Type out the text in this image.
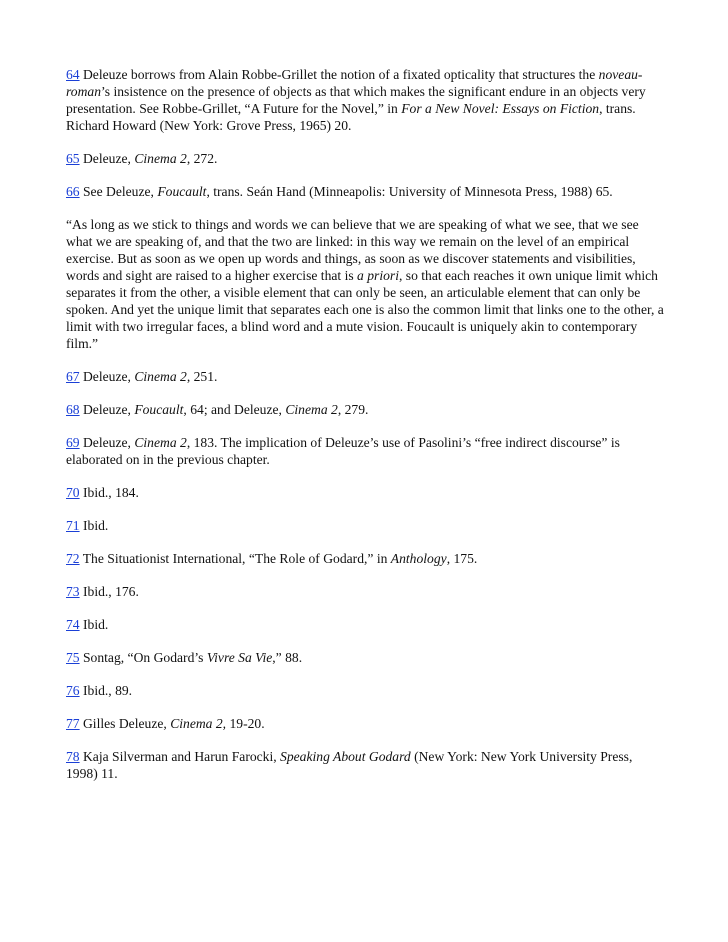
64 Deleuze borrows from Alain Robbe-Grillet the notion of a fixated opticality that structures the noveau-roman’s insistence on the presence of objects as that which makes the significant endure in an objects very presentation. See Robbe-Grillet, “A Future for the Novel,” in For a New Novel: Essays on Fiction, trans. Richard Howard (New York: Grove Press, 1965) 20.

65 Deleuze, Cinema 2, 272.

66 See Deleuze, Foucault, trans. Seán Hand (Minneapolis: University of Minnesota Press, 1988) 65.

“As long as we stick to things and words we can believe that we are speaking of what we see, that we see what we are speaking of, and that the two are linked: in this way we remain on the level of an empirical exercise. But as soon as we open up words and things, as soon as we discover statements and visibilities, words and sight are raised to a higher exercise that is a priori, so that each reaches it own unique limit which separates it from the other, a visible element that can only be seen, an articulable element that can only be spoken. And yet the unique limit that separates each one is also the common limit that links one to the other, a limit with two irregular faces, a blind word and a mute vision. Foucault is uniquely akin to contemporary film.”

67 Deleuze, Cinema 2, 251.

68 Deleuze, Foucault, 64; and Deleuze, Cinema 2, 279.

69 Deleuze, Cinema 2, 183. The implication of Deleuze’s use of Pasolini’s “free indirect discourse” is elaborated on in the previous chapter.

70 Ibid., 184.

71 Ibid.

72 The Situationist International, “The Role of Godard,” in Anthology, 175.

73 Ibid., 176.

74 Ibid.

75 Sontag, “On Godard’s Vivre Sa Vie,” 88.

76 Ibid., 89.

77 Gilles Deleuze, Cinema 2, 19-20.

78 Kaja Silverman and Harun Farocki, Speaking About Godard (New York: New York University Press, 1998) 11.
